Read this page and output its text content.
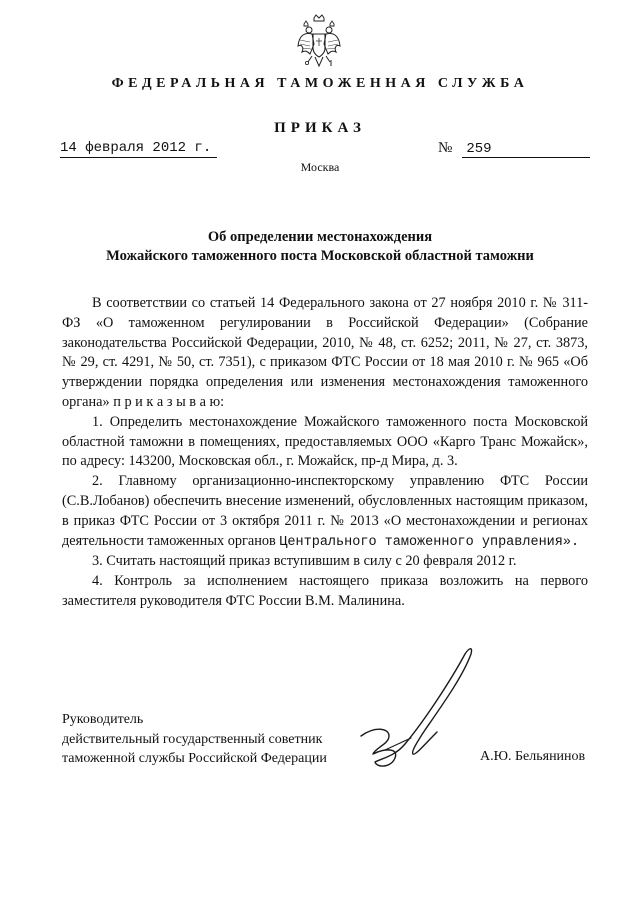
ФЕДЕРАЛЬНАЯ ТАМОЖЕННАЯ СЛУЖБА
ПРИКАЗ
14 февраля 2012 г.	№ 259
Москва
Об определении местонахождения
Можайского таможенного поста Московской областной таможни

В соответствии со статьей 14 Федерального закона от 27 ноября 2010 г. № 311-ФЗ «О таможенном регулировании в Российской Федерации» (Собрание законодательства Российской Федерации, 2010, № 48, ст. 6252; 2011, № 27, ст. 3873, № 29, ст. 4291, № 50, ст. 7351), с приказом ФТС России от 18 мая 2010 г. № 965 «Об утверждении порядка определения или изменения местонахождения таможенного органа» п р и к а з ы в а ю:

1. Определить местонахождение Можайского таможенного поста Московской областной таможни в помещениях, предоставляемых ООО «Карго Транс Можайск», по адресу: 143200, Московская обл., г. Можайск, пр-д Мира, д. 3.

2. Главному организационно-инспекторскому управлению ФТС России (С.В.Лобанов) обеспечить внесение изменений, обусловленных настоящим приказом, в приказ ФТС России от 3 октября 2011 г. № 2013 «О местонахождении и регионах деятельности таможенных органов Центрального таможенного управления».

3. Считать настоящий приказ вступившим в силу с 20 февраля 2012 г.

4. Контроль за исполнением настоящего приказа возложить на первого заместителя руководителя ФТС России В.М. Малинина.

Руководитель
действительный государственный советник
таможенной службы Российской Федерации	А.Ю. Бельянинов
